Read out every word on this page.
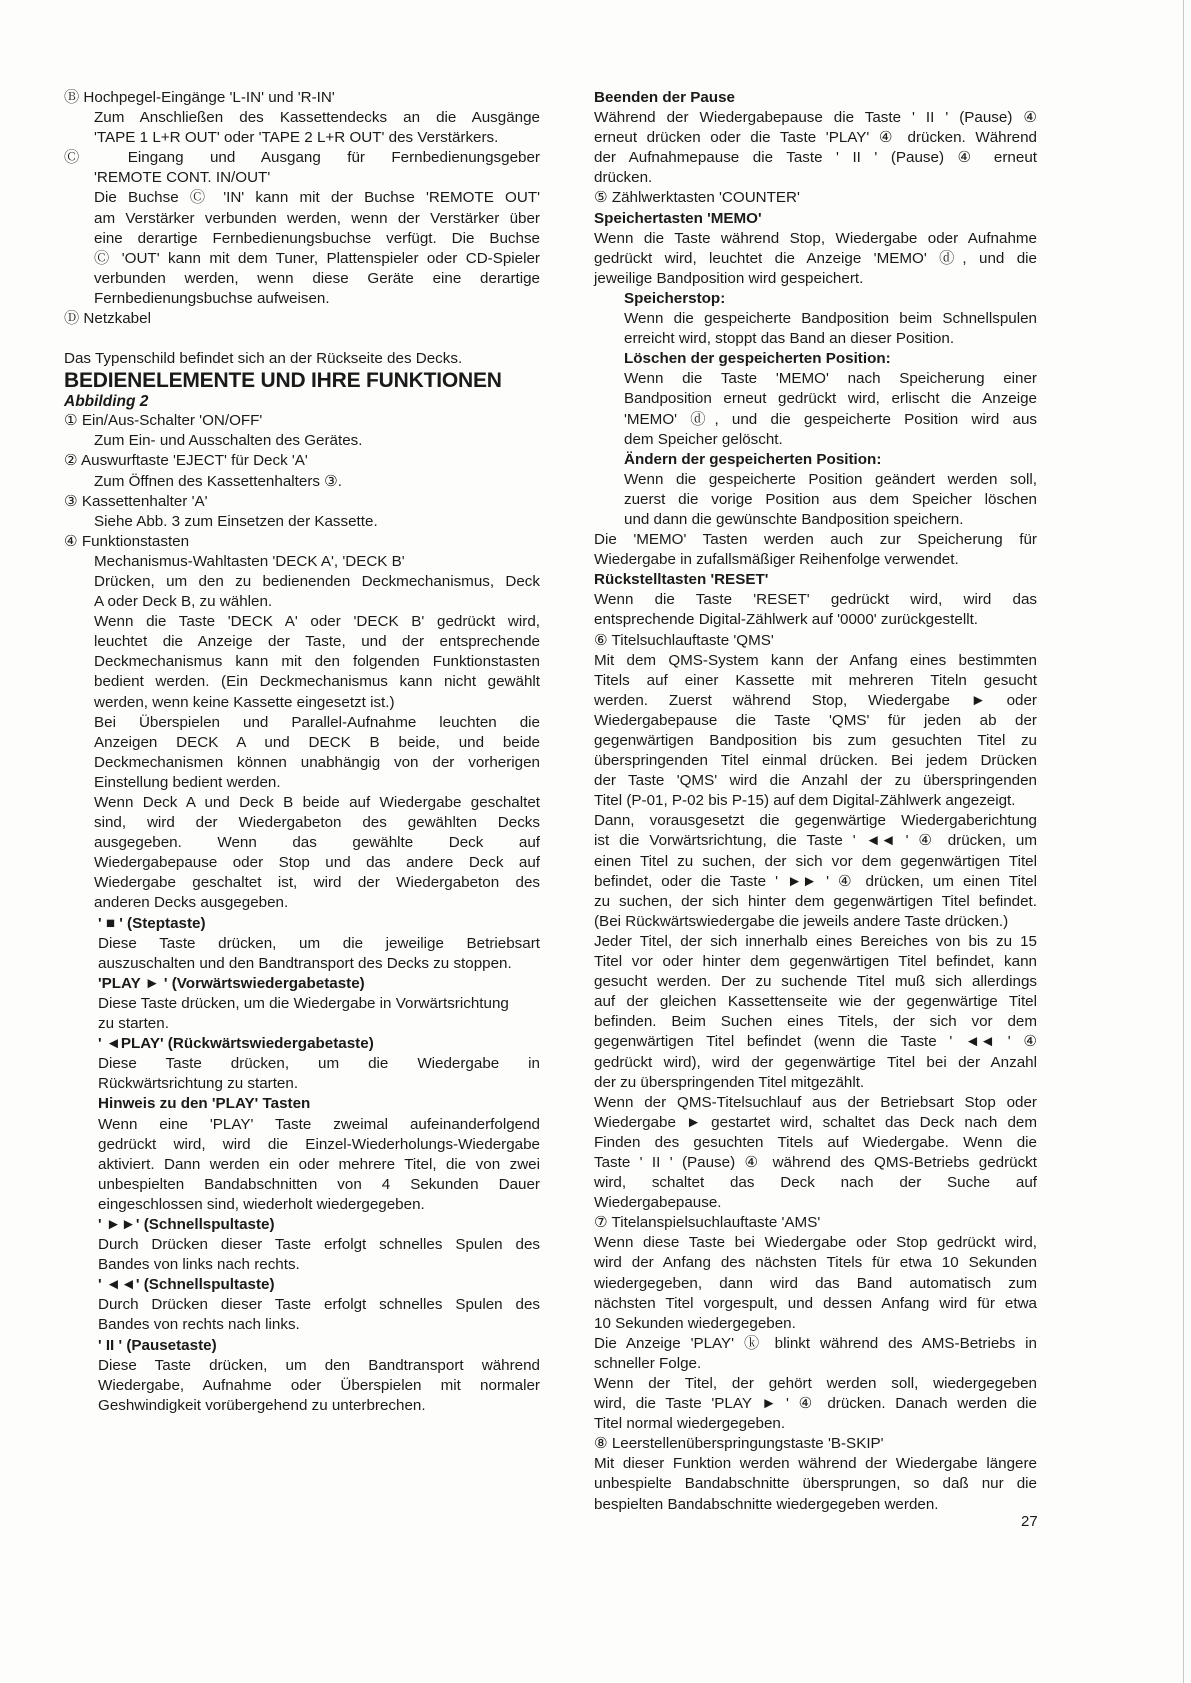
Ⓑ Hochpegel-Eingänge 'L-IN' und 'R-IN'
Zum Anschließen des Kassettendecks an die Ausgänge
'TAPE 1 L+R OUT' oder 'TAPE 2 L+R OUT' des Verstärkers.
Ⓒ Eingang und Ausgang für Fernbedienungsgeber
'REMOTE CONT. IN/OUT'
Die Buchse Ⓒ 'IN' kann mit der Buchse 'REMOTE OUT'
am Verstärker verbunden werden, wenn der Verstärker über
eine derartige Fernbedienungsbuchse verfügt. Die Buchse
Ⓒ 'OUT' kann mit dem Tuner, Plattenspieler oder CD-Spieler
verbunden werden, wenn diese Geräte eine derartige
Fernbedienungsbuchse aufweisen.
Ⓓ Netzkabel
Das Typenschild befindet sich an der Rückseite des Decks.
BEDIENELEMENTE UND IHRE FUNKTIONEN
Abbilding 2
① Ein/Aus-Schalter 'ON/OFF'
Zum Ein- und Ausschalten des Gerätes.
② Auswurftaste 'EJECT' für Deck 'A'
Zum Öffnen des Kassettenhalters ③.
③ Kassettenhalter 'A'
Siehe Abb. 3 zum Einsetzen der Kassette.
④ Funktionstasten
Mechanismus-Wahltasten 'DECK A', 'DECK B'
Drücken, um den zu bedienenden Deckmechanismus, Deck
A oder Deck B, zu wählen.
Wenn die Taste 'DECK A' oder 'DECK B' gedrückt wird,
leuchtet die Anzeige der Taste, und der entsprechende
Deckmechanismus kann mit den folgenden Funktionstasten
bedient werden. (Ein Deckmechanismus kann nicht gewählt
werden, wenn keine Kassette eingesetzt ist.)
Bei Überspielen und Parallel-Aufnahme leuchten die
Anzeigen DECK A und DECK B beide, und beide
Deckmechanismen können unabhängig von der vorherigen
Einstellung bedient werden.
Wenn Deck A und Deck B beide auf Wiedergabe geschaltet
sind, wird der Wiedergabeton des gewählten Decks
ausgegeben. Wenn das gewählte Deck auf
Wiedergabepause oder Stop und das andere Deck auf
Wiedergabe geschaltet ist, wird der Wiedergabeton des
anderen Decks ausgegeben.
' ■ ' (Steptaste)
Diese Taste drücken, um die jeweilige Betriebsart
auszuschalten und den Bandtransport des Decks zu stoppen.
'PLAY ► ' (Vorwärtswiedergabetaste)
Diese Taste drücken, um die Wiedergabe in Vorwärtsrichtung
zu starten.
' ◄PLAY' (Rückwärtswiedergabetaste)
Diese Taste drücken, um die Wiedergabe in
Rückwärtsrichtung zu starten.
Hinweis zu den 'PLAY' Tasten
Wenn eine 'PLAY' Taste zweimal aufeinanderfolgend
gedrückt wird, wird die Einzel-Wiederholungs-Wiedergabe
aktiviert. Dann werden ein oder mehrere Titel, die von zwei
unbespielten Bandabschnitten von 4 Sekunden Dauer
eingeschlossen sind, wiederholt wiedergegeben.
' ►►' (Schnellspultaste)
Durch Drücken dieser Taste erfolgt schnelles Spulen des
Bandes von links nach rechts.
' ◄◄' (Schnellspultaste)
Durch Drücken dieser Taste erfolgt schnelles Spulen des
Bandes von rechts nach links.
' II ' (Pausetaste)
Diese Taste drücken, um den Bandtransport während
Wiedergabe, Aufnahme oder Überspielen mit normaler
Geshwindigkeit vorübergehend zu unterbrechen.
Beenden der Pause
Während der Wiedergabepause die Taste ' II ' (Pause) ④
erneut drücken oder die Taste 'PLAY' ④ drücken. Während
der Aufnahmepause die Taste ' II ' (Pause) ④ erneut
drücken.
⑤ Zählwerktasten 'COUNTER'
Speichertasten 'MEMO'
Wenn die Taste während Stop, Wiedergabe oder Aufnahme
gedrückt wird, leuchtet die Anzeige 'MEMO' ⓓ, und die
jeweilige Bandposition wird gespeichert.
Speicherstop:
Wenn die gespeicherte Bandposition beim Schnellspulen
erreicht wird, stoppt das Band an dieser Position.
Löschen der gespeicherten Position:
Wenn die Taste 'MEMO' nach Speicherung einer
Bandposition erneut gedrückt wird, erlischt die Anzeige
'MEMO' ⓓ, und die gespeicherte Position wird aus
dem Speicher gelöscht.
Ändern der gespeicherten Position:
Wenn die gespeicherte Position geändert werden soll,
zuerst die vorige Position aus dem Speicher löschen
und dann die gewünschte Bandposition speichern.
Die 'MEMO' Tasten werden auch zur Speicherung für
Wiedergabe in zufallsmäßiger Reihenfolge verwendet.
Rückstelltasten 'RESET'
Wenn die Taste 'RESET' gedrückt wird, wird das
entsprechende Digital-Zählwerk auf '0000' zurückgestellt.
⑥ Titelsuchlauftaste 'QMS'
Mit dem QMS-System kann der Anfang eines bestimmten
Titels auf einer Kassette mit mehreren Titeln gesucht
werden. Zuerst während Stop, Wiedergabe ► oder
Wiedergabepause die Taste 'QMS' für jeden ab der
gegenwärtigen Bandposition bis zum gesuchten Titel zu
überspringenden Titel einmal drücken. Bei jedem Drücken
der Taste 'QMS' wird die Anzahl der zu überspringenden
Titel (P-01, P-02 bis P-15) auf dem Digital-Zählwerk angezeigt.
Dann, vorausgesetzt die gegenwärtige Wiedergaberichtung
ist die Vorwärtsrichtung, die Taste ' ◄◄ ' ④ drücken, um
einen Titel zu suchen, der sich vor dem gegenwärtigen Titel
befindet, oder die Taste ' ►► ' ④ drücken, um einen Titel
zu suchen, der sich hinter dem gegenwärtigen Titel befindet.
(Bei Rückwärtswiedergabe die jeweils andere Taste drücken.)
Jeder Titel, der sich innerhalb eines Bereiches von bis zu 15
Titel vor oder hinter dem gegenwärtigen Titel befindet, kann
gesucht werden. Der zu suchende Titel muß sich allerdings
auf der gleichen Kassettenseite wie der gegenwärtige Titel
befinden. Beim Suchen eines Titels, der sich vor dem
gegenwärtigen Titel befindet (wenn die Taste ' ◄◄ ' ④
gedrückt wird), wird der gegenwärtige Titel bei der Anzahl
der zu überspringenden Titel mitgezählt.
Wenn der QMS-Titelsuchlauf aus der Betriebsart Stop oder
Wiedergabe ► gestartet wird, schaltet das Deck nach dem
Finden des gesuchten Titels auf Wiedergabe. Wenn die
Taste ' II ' (Pause) ④ während des QMS-Betriebs gedrückt
wird, schaltet das Deck nach der Suche auf
Wiedergabepause.
⑦ Titelanspielsuchlauftaste 'AMS'
Wenn diese Taste bei Wiedergabe oder Stop gedrückt wird,
wird der Anfang des nächsten Titels für etwa 10 Sekunden
wiedergegeben, dann wird das Band automatisch zum
nächsten Titel vorgespult, und dessen Anfang wird für etwa
10 Sekunden wiedergegeben.
Die Anzeige 'PLAY' ⓚ blinkt während des AMS-Betriebs in
schneller Folge.
Wenn der Titel, der gehört werden soll, wiedergegeben
wird, die Taste 'PLAY ► ' ④ drücken. Danach werden die
Titel normal wiedergegeben.
⑧ Leerstellenüberspringungstaste 'B-SKIP'
Mit dieser Funktion werden während der Wiedergabe längere
unbespielte Bandabschnitte übersprungen, so daß nur die
bespielten Bandabschnitte wiedergegeben werden.
27
